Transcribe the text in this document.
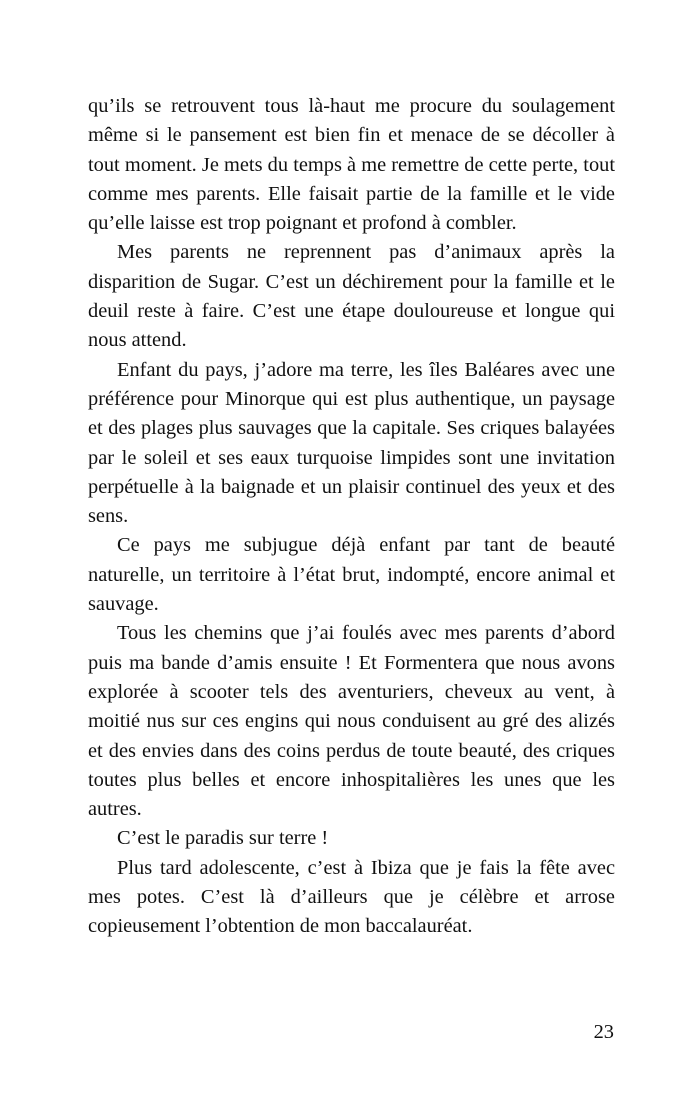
qu’ils se retrouvent tous là-haut me procure du soulagement même si le pansement est bien fin et menace de se décoller à tout moment. Je mets du temps à me remettre de cette perte, tout comme mes parents. Elle faisait partie de la famille et le vide qu’elle laisse est trop poignant et profond à combler.

Mes parents ne reprennent pas d’animaux après la disparition de Sugar. C’est un déchirement pour la famille et le deuil reste à faire. C’est une étape douloureuse et longue qui nous attend.

Enfant du pays, j’adore ma terre, les îles Baléares avec une préférence pour Minorque qui est plus authentique, un paysage et des plages plus sauvages que la capitale. Ses criques balayées par le soleil et ses eaux turquoise limpides sont une invitation perpétuelle à la baignade et un plaisir continuel des yeux et des sens.

Ce pays me subjugue déjà enfant par tant de beauté naturelle, un territoire à l’état brut, indompté, encore animal et sauvage.

Tous les chemins que j’ai foulés avec mes parents d’abord puis ma bande d’amis ensuite ! Et Formentera que nous avons explorée à scooter tels des aventuriers, cheveux au vent, à moitié nus sur ces engins qui nous conduisent au gré des alizés et des envies dans des coins perdus de toute beauté, des criques toutes plus belles et encore inhospitalières les unes que les autres.

C’est le paradis sur terre !

Plus tard adolescente, c’est à Ibiza que je fais la fête avec mes potes. C’est là d’ailleurs que je célèbre et arrose copieusement l’obtention de mon baccalauréat.

23
